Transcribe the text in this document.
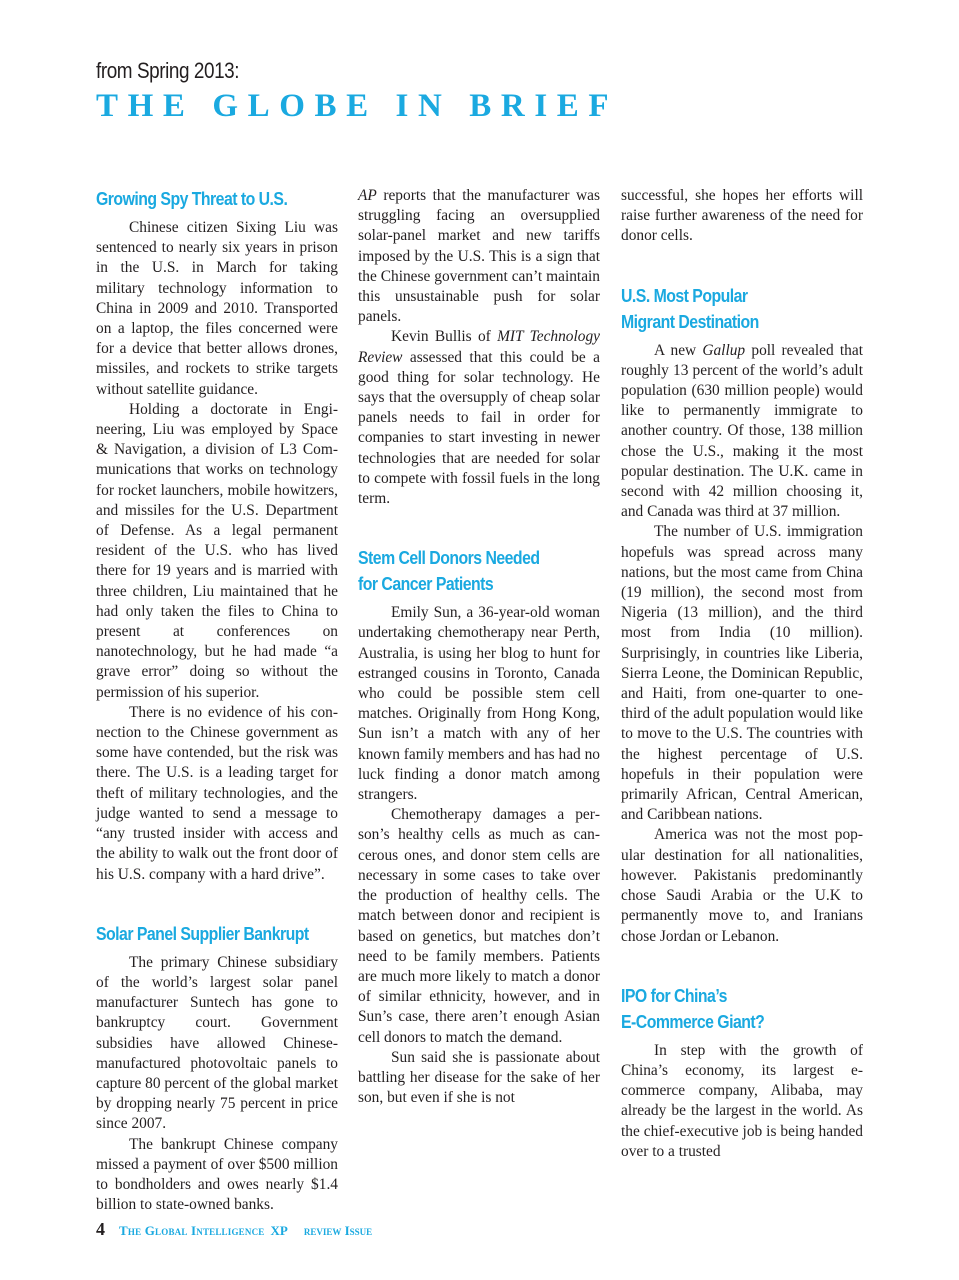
from Spring 2013:
THE GLOBE IN BRIEF
Growing Spy Threat to U.S.

Chinese citizen Sixing Liu was sentenced to nearly six years in prison in the U.S. in March for taking military technology information to China in 2009 and 2010. Transported on a laptop, the files concerned were for a device that better allows drones, missiles, and rockets to strike targets without satellite guidance.

Holding a doctorate in Engineering, Liu was employed by Space & Navigation, a division of L3 Communications that works on technology for rocket launchers, mobile howitzers, and missiles for the U.S. Department of Defense. As a legal permanent resident of the U.S. who has lived there for 19 years and is married with three children, Liu maintained that he had only taken the files to China to present at conferences on nanotechnology, but he had made “a grave error” doing so without the permission of his superior.

There is no evidence of his connection to the Chinese government as some have contended, but the risk was there. The U.S. is a leading target for theft of military technologies, and the judge wanted to send a message to “any trusted insider with access and the ability to walk out the front door of his U.S. company with a hard drive”.

Solar Panel Supplier Bankrupt

The primary Chinese subsidiary of the world’s largest solar panel manufacturer Suntech has gone to bankruptcy court. Government subsidies have allowed Chinese-manufactured photovoltaic panels to capture 80 percent of the global market by dropping nearly 75 percent in price since 2007.

The bankrupt Chinese company missed a payment of over $500 million to bondholders and owes nearly $1.4 billion to state-owned banks.

AP reports that the manufacturer was struggling facing an oversupplied solar-panel market and new tariffs imposed by the U.S. This is a sign that the Chinese government can’t maintain this unsustainable push for solar panels.

Kevin Bullis of MIT Technology Review assessed that this could be a good thing for solar technology. He says that the oversupply of cheap solar panels needs to fail in order for companies to start investing in newer technologies that are needed for solar to compete with fossil fuels in the long term.

Stem Cell Donors Needed
for Cancer Patients

Emily Sun, a 36-year-old woman undertaking chemotherapy near Perth, Australia, is using her blog to hunt for estranged cousins in Toronto, Canada who could be possible stem cell matches. Originally from Hong Kong, Sun isn’t a match with any of her known family members and has had no luck finding a donor match among strangers.

Chemotherapy damages a person’s healthy cells as much as cancerous ones, and donor stem cells are necessary in some cases to take over the production of healthy cells. The match between donor and recipient is based on genetics, but matches don’t need to be family members. Patients are much more likely to match a donor of similar ethnicity, however, and in Sun’s case, there aren’t enough Asian cell donors to match the demand.

Sun said she is passionate about battling her disease for the sake of her son, but even if she is not

successful, she hopes her efforts will raise further awareness of the need for donor cells.

U.S. Most Popular
Migrant Destination

A new Gallup poll revealed that roughly 13 percent of the world’s adult population (630 million people) would like to permanently immigrate to another country. Of those, 138 million chose the U.S., making it the most popular destination. The U.K. came in second with 42 million choosing it, and Canada was third at 37 million.

The number of U.S. immigration hopefuls was spread across many nations, but the most came from China (19 million), the second most from Nigeria (13 million), and the third most from India (10 million). Surprisingly, in countries like Liberia, Sierra Leone, the Dominican Republic, and Haiti, from one-quarter to one-third of the adult population would like to move to the U.S. The countries with the highest percentage of U.S. hopefuls in their population were primarily African, Central American, and Caribbean nations.

America was not the most popular destination for all nationalities, however. Pakistanis predominantly chose Saudi Arabia or the U.K to permanently move to, and Iranians chose Jordan or Lebanon.

IPO for China’s
E-Commerce Giant?

In step with the growth of China’s economy, its largest e-commerce company, Alibaba, may already be the largest in the world. As the chief-executive job is being handed over to a trusted

4 The Global Intelligence XP review Issue
